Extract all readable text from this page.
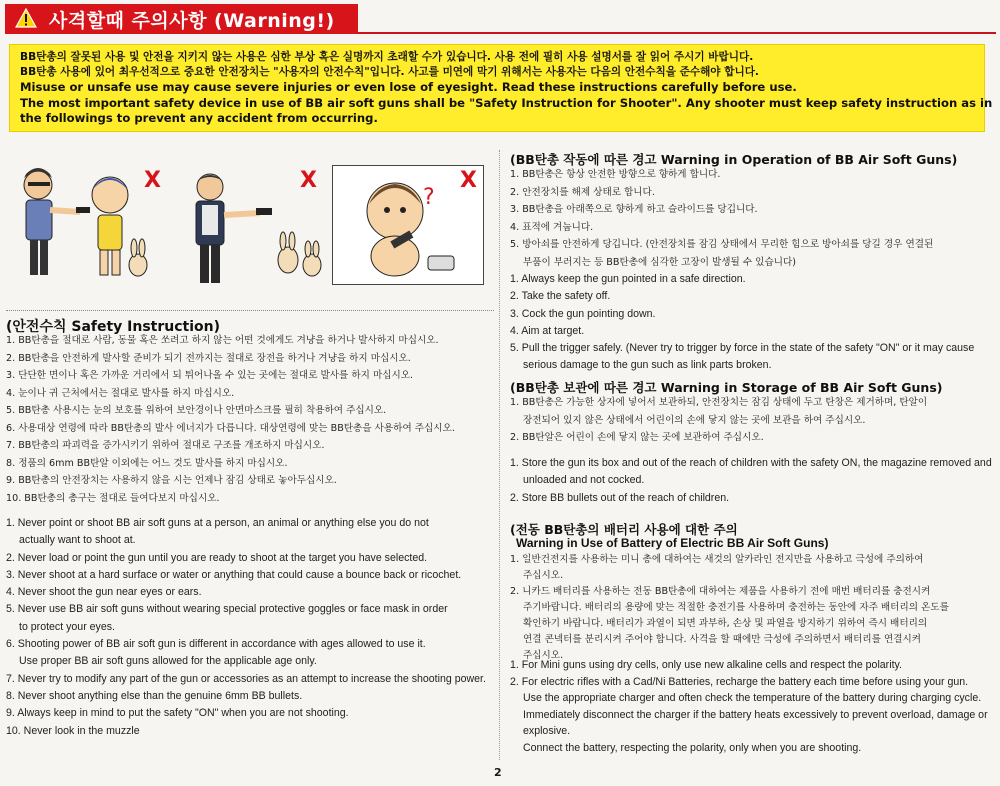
사격할때 주의사항 (Warning!)
BB탄총의 잘못된 사용 및 안전을 지키지 않는 사용은 심한 부상 혹은 실명까지 초래할 수가 있습니다. 사용 전에 필히 사용 설명서를 잘 읽어 주시기 바랍니다.
BB탄총 사용에 있어 최우선적으로 중요한 안전장치는 "사용자의 안전수칙"입니다. 사고를 미연에 막기 위해서는 사용자는 다음의 안전수칙을 준수해야 합니다.
Misuse or unsafe use may cause severe injuries or even lose of eyesight. Read these instructions carefully before use.
The most important safety device in use of BB air soft guns shall be "Safety Instruction for Shooter". Any shooter must keep safety instruction as in
the followings to prevent any accident from occurring.
X	X
?
X
(안전수칙 Safety Instruction)
1. BB탄총을 절대로 사람, 동물 혹은 쏘려고 하지 않는 어떤 것에게도 겨냥을 하거나 발사하지 마십시오.
2. BB탄총을 안전하게 발사할 준비가 되기 전까지는 절대로 장전을 하거나 겨냥을 하지 마십시오.
3. 단단한 면이나 혹은 가까운 거리에서 되 튀어나올 수 있는 곳에는 절대로 발사를 하지 마십시오.
4. 눈이나 귀 근처에서는 절대로 발사를 하지 마십시오.
5. BB탄총 사용시는 눈의 보호를 위하여 보안경이나 안면마스크를 필히 착용하여 주십시오.
6. 사용대상 연령에 따라 BB탄총의 발사 에너지가 다릅니다. 대상연령에 맞는 BB탄총을 사용하여 주십시오.
7. BB탄총의 파괴력을 증가시키기 위하여 절대로 구조를 개조하지 마십시오.
8. 정품의 6mm BB탄알 이외에는 어느 것도 발사를 하지 마십시오.
9. BB탄총의 안전장치는 사용하지 않을 시는 언제나 잠김 상태로 놓아두십시오.
10. BB탄총의 총구는 절대로 들여다보지 마십시오.
1. Never point or shoot BB air soft guns at a person, an animal or anything else you do not
actually want to shoot at.
2. Never load or point the gun until you are ready to shoot at the target you have selected.
3. Never shoot at a hard surface or water or anything that could cause a bounce back or ricochet.
4. Never shoot the gun near eyes or ears.
5. Never use BB air soft guns without wearing special protective goggles or face mask in order
to protect your eyes.
6. Shooting power of BB air soft gun is different in accordance with ages allowed to use it.
Use proper BB air soft guns allowed for the applicable age only.
7. Never try to modify any part of the gun or accessories as an attempt to increase the shooting power.
8. Never shoot anything else than the genuine 6mm BB bullets.
9. Always keep in mind to put the safety "ON" when you are not shooting.
10. Never look in the muzzle
(BB탄총 작동에 따른 경고 Warning in Operation of BB Air Soft Guns)
1. BB탄총은 항상 안전한 방향으로 향하게 합니다.
2. 안전장치를 해제 상태로 합니다.
3. BB탄총을 아래쪽으로 향하게 하고 슬라이드를 당깁니다.
4. 표적에 겨눕니다.
5. 방아쇠를 안전하게 당깁니다. (안전장치를 잠김 상태에서 무리한 힘으로 방아쇠를 당길 경우 연결된
부품이 부러지는 등 BB탄총에 심각한 고장이 발생될 수 있습니다)
1. Always keep the gun pointed in a safe direction.
2. Take the safety off.
3. Cock the gun pointing down.
4. Aim at target.
5. Pull the trigger safely. (Never try to trigger by force in the state of the safety "ON" or it may cause
serious damage to the gun such as link parts broken.
(BB탄총 보관에 따른 경고 Warning in Storage of BB Air Soft Guns)
1. BB탄총은 가능한 상자에 넣어서 보관하되, 안전장치는 잠김 상태에 두고 탄창은 제거하며, 탄알이
장전되어 있지 않은 상태에서 어린이의 손에 닿지 않는 곳에 보관을 하여 주십시오.
2. BB탄알은 어린이 손에 닿지 않는 곳에 보관하여 주십시오.
1. Store the gun its box and out of the reach of children with the safety ON, the magazine removed and
unloaded and not cocked.
2. Store BB bullets out of the reach of children.
(전동 BB탄총의 배터리 사용에 대한 주의
Warning in Use of Battery of Electric BB Air Soft Guns)
1. 일반건전지를 사용하는 미니 총에 대하여는 새것의 알카라인 전지만을 사용하고 극성에 주의하여
주십시오.
2. 니카드 배터리를 사용하는 전동 BB탄총에 대하여는 제품을 사용하기 전에 매번 배터리를 충전시켜
주기바랍니다. 배터리의 용량에 맞는 적절한 충전기를 사용하며 충전하는 동안에 자주 배터리의 온도를
확인하기 바랍니다. 배터리가 과열이 되면 과부하, 손상 및 파열을 방지하기 위하여 즉시 배터리의
연결 콘넥터를 분리시켜 주어야 합니다. 사격을 할 때에만 극성에 주의하면서 배터리를 연결시켜
주십시오.
1. For Mini guns using dry cells, only use new alkaline cells and respect the polarity.
2. For electric rifles with a Cad/Ni Batteries, recharge the battery each time before using your gun.
Use the appropriate charger and often check the temperature of the battery during charging cycle.
Immediately disconnect the charger if the battery heats excessively to prevent overload, damage or
explosive.
Connect the battery, respecting the polarity, only when you are shooting.
2
